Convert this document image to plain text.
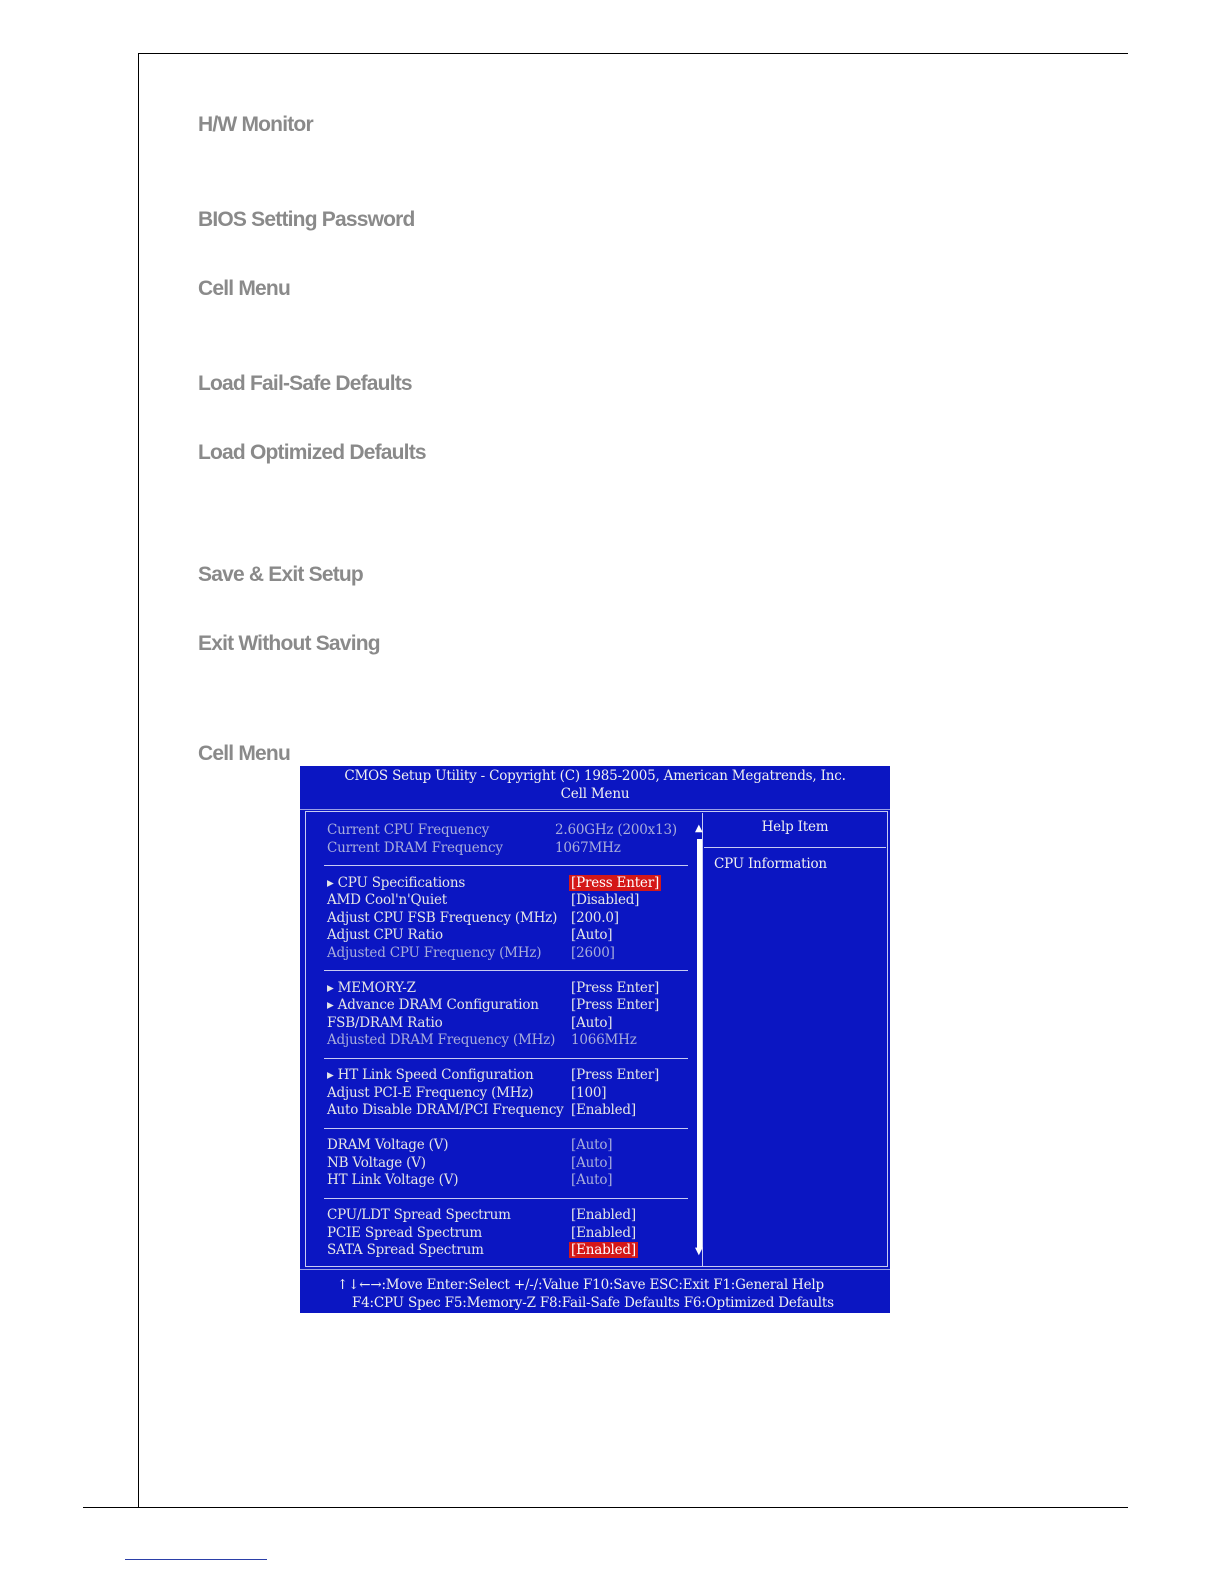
H/W Monitor
BIOS Setting Password
Cell Menu
Load Fail-Safe Defaults
Load Optimized Defaults
Save & Exit Setup
Exit Without Saving
Cell Menu
CMOS Setup Utility - Copyright (C) 1985-2005, American Megatrends, Inc.
Cell Menu
Current CPU Frequency	2.60GHz (200x13)
Current DRAM Frequency	1067MHz
▸ CPU Specifications	[Press Enter]
AMD Cool'n'Quiet	[Disabled]
Adjust CPU FSB Frequency (MHz) [200.0]
Adjust CPU Ratio	[Auto]
Adjusted CPU Frequency (MHz) [2600]
▸ MEMORY-Z	[Press Enter]
▸ Advance DRAM Configuration [Press Enter]
FSB/DRAM Ratio	[Auto]
Adjusted DRAM Frequency (MHz) 1066MHz
▸ HT Link Speed Configuration	[Press Enter]
Adjust PCI-E Frequency (MHz)	[100]
Auto Disable DRAM/PCI Frequency [Enabled]
DRAM Voltage (V)	[Auto]
NB Voltage (V)	[Auto]
HT Link Voltage (V)	[Auto]
CPU/LDT Spread Spectrum	[Enabled]
PCIE Spread Spectrum	[Enabled]
SATA Spread Spectrum	[Enabled]
▲
▼
Help Item
CPU Information
↑↓←→:Move Enter:Select +/-/:Value F10:Save ESC:Exit F1:General Help
F4:CPU Spec F5:Memory-Z F8:Fail-Safe Defaults F6:Optimized Defaults
